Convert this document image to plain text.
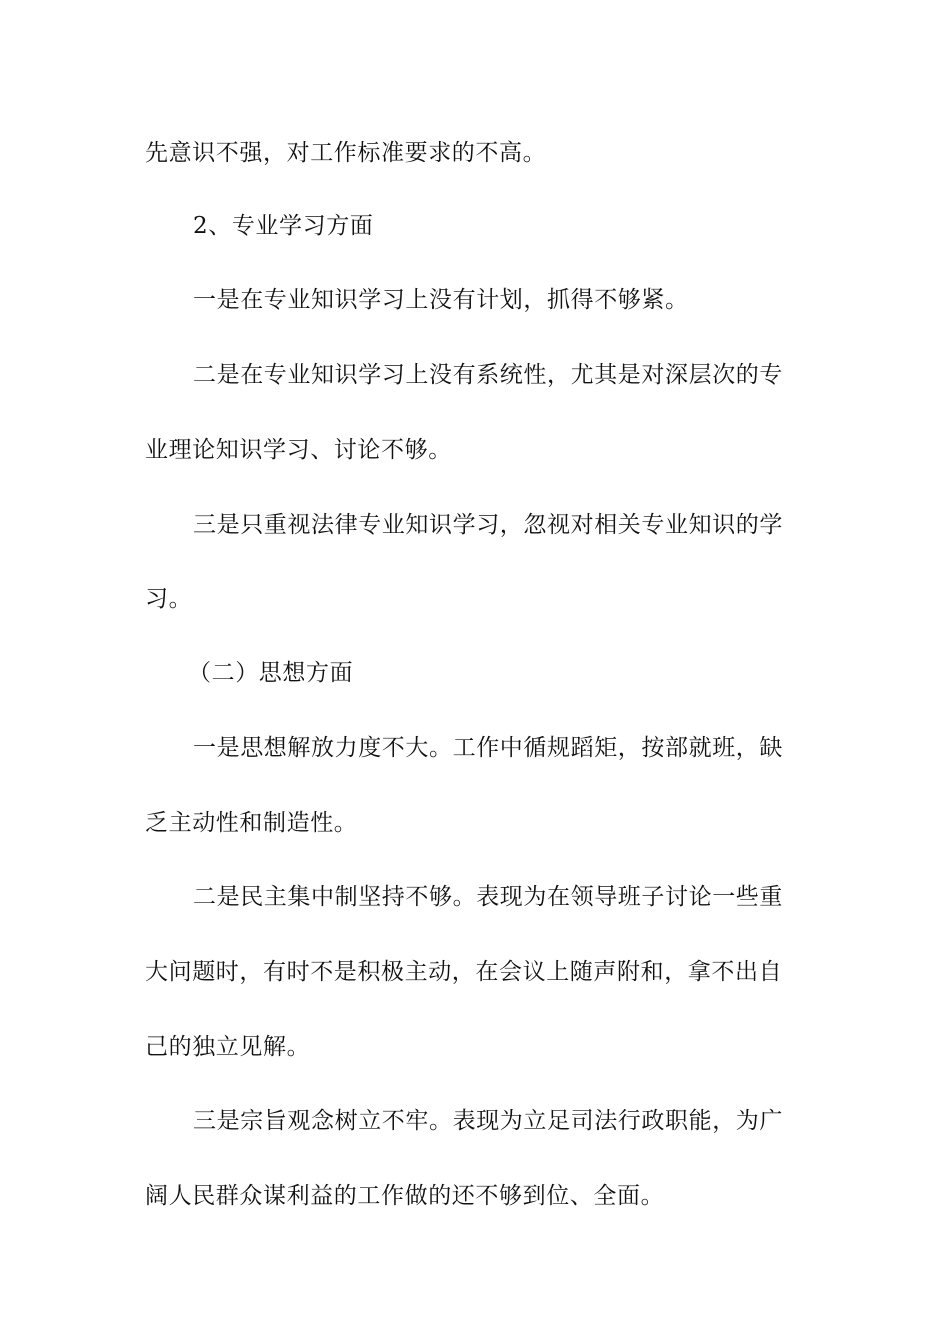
先意识不强，对工作标准要求的不高。
2、专业学习方面
一是在专业知识学习上没有计划，抓得不够紧。
二是在专业知识学习上没有系统性，尤其是对深层次的专
业理论知识学习、讨论不够。
三是只重视法律专业知识学习，忽视对相关专业知识的学
习。
（二）思想方面
一是思想解放力度不大。工作中循规蹈矩，按部就班，缺
乏主动性和制造性。
二是民主集中制坚持不够。表现为在领导班子讨论一些重
大问题时，有时不是积极主动，在会议上随声附和，拿不出自
己的独立见解。
三是宗旨观念树立不牢。表现为立足司法行政职能，为广
阔人民群众谋利益的工作做的还不够到位、全面。
